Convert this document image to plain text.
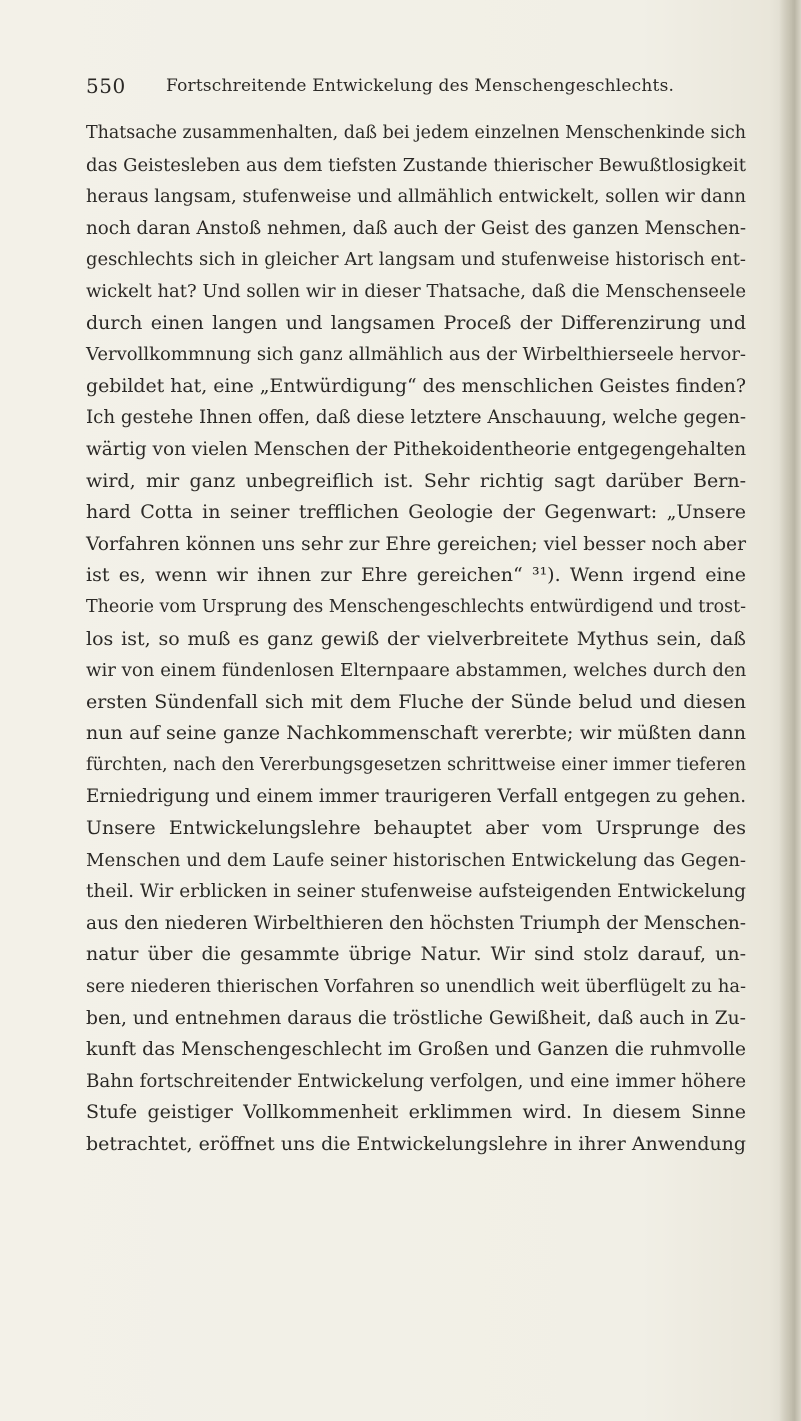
550 Fortschreitende Entwickelung des Menschengeschlechts.
Thatsache zusammenhalten, daß bei jedem einzelnen Menschenkinde sich
das Geistesleben aus dem tiefsten Zustande thierischer Bewußtlosigkeit
heraus langsam, stufenweise und allmählich entwickelt, sollen wir dann
noch daran Anstoß nehmen, daß auch der Geist des ganzen Menschen-
geschlechts sich in gleicher Art langsam und stufenweise historisch ent-
wickelt hat? Und sollen wir in dieser Thatsache, daß die Menschenseele
durch einen langen und langsamen Proceß der Differenzirung und
Vervollkommnung sich ganz allmählich aus der Wirbelthierseele hervor-
gebildet hat, eine „Entwürdigung“ des menschlichen Geistes finden?
Ich gestehe Ihnen offen, daß diese letztere Anschauung, welche gegen-
wärtig von vielen Menschen der Pithekoidentheorie entgegengehalten
wird, mir ganz unbegreiflich ist. Sehr richtig sagt darüber Bern-
hard Cotta in seiner trefflichen Geologie der Gegenwart: „Unsere
Vorfahren können uns sehr zur Ehre gereichen; viel besser noch aber
ist es, wenn wir ihnen zur Ehre gereichen“ ³¹). Wenn irgend eine
Theorie vom Ursprung des Menschengeschlechts entwürdigend und trost-
los ist, so muß es ganz gewiß der vielverbreitete Mythus sein, daß
wir von einem fündenlosen Elternpaare abstammen, welches durch den
ersten Sündenfall sich mit dem Fluche der Sünde belud und diesen
nun auf seine ganze Nachkommenschaft vererbte; wir müßten dann
fürchten, nach den Vererbungsgesetzen schrittweise einer immer tieferen
Erniedrigung und einem immer traurigeren Verfall entgegen zu gehen.
Unsere Entwickelungslehre behauptet aber vom Ursprunge des
Menschen und dem Laufe seiner historischen Entwickelung das Gegen-
theil. Wir erblicken in seiner stufenweise aufsteigenden Entwickelung
aus den niederen Wirbelthieren den höchsten Triumph der Menschen-
natur über die gesammte übrige Natur. Wir sind stolz darauf, un-
sere niederen thierischen Vorfahren so unendlich weit überflügelt zu ha-
ben, und entnehmen daraus die tröstliche Gewißheit, daß auch in Zu-
kunft das Menschengeschlecht im Großen und Ganzen die ruhmvolle
Bahn fortschreitender Entwickelung verfolgen, und eine immer höhere
Stufe geistiger Vollkommenheit erklimmen wird. In diesem Sinne
betrachtet, eröffnet uns die Entwickelungslehre in ihrer Anwendung
